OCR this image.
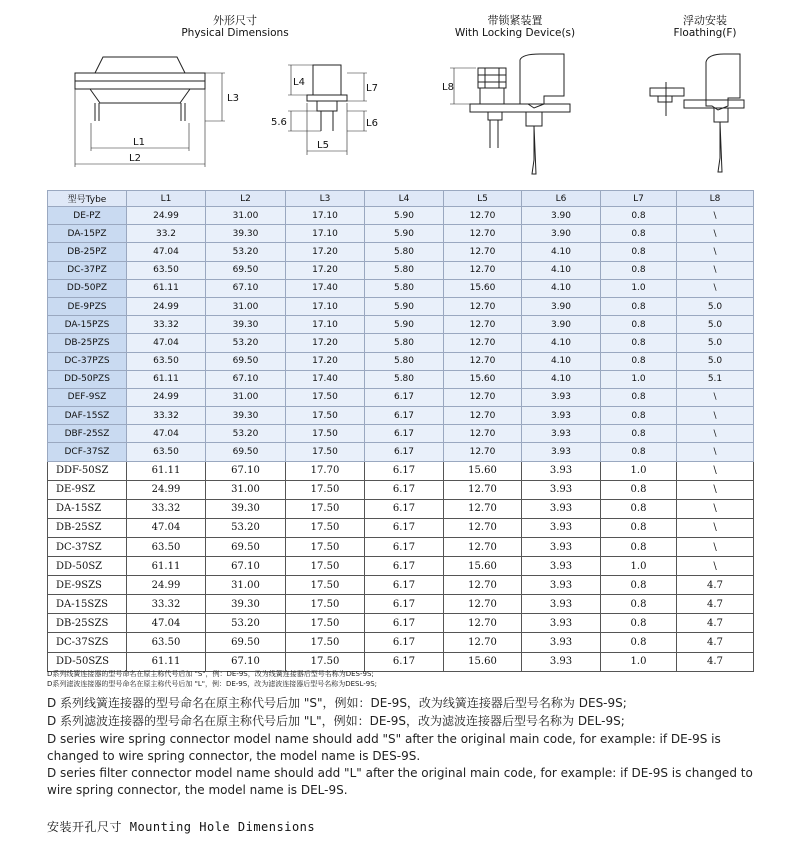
外形尺寸
Physical Dimensions
带锁紧装置
With Locking Device(s)
浮动安装
Floathing(F)
L1
L2
L3
L4
L5
L6
L7
5.6
L8
型号Tybe	L1	L2	L3	L4	L5	L6	L7	L8
DE-PZ	24.99	31.00	17.10	5.90	12.70	3.90	0.8	\
DA-15PZ	33.2	39.30	17.10	5.90	12.70	3.90	0.8	\
DB-25PZ	47.04	53.20	17.20	5.80	12.70	4.10	0.8	\
DC-37PZ	63.50	69.50	17.20	5.80	12.70	4.10	0.8	\
DD-50PZ	61.11	67.10	17.40	5.80	15.60	4.10	1.0	\
DE-9PZS	24.99	31.00	17.10	5.90	12.70	3.90	0.8	5.0
DA-15PZS	33.32	39.30	17.10	5.90	12.70	3.90	0.8	5.0
DB-25PZS	47.04	53.20	17.20	5.80	12.70	4.10	0.8	5.0
DC-37PZS	63.50	69.50	17.20	5.80	12.70	4.10	0.8	5.0
DD-50PZS	61.11	67.10	17.40	5.80	15.60	4.10	1.0	5.1
DEF-9SZ	24.99	31.00	17.50	6.17	12.70	3.93	0.8	\
DAF-15SZ	33.32	39.30	17.50	6.17	12.70	3.93	0.8	\
DBF-25SZ	47.04	53.20	17.50	6.17	12.70	3.93	0.8	\
DCF-37SZ	63.50	69.50	17.50	6.17	12.70	3.93	0.8	\
DDF-50SZ	61.11	67.10	17.70	6.17	15.60	3.93	1.0	\
DE-9SZ	24.99	31.00	17.50	6.17	12.70	3.93	0.8	\
DA-15SZ	33.32	39.30	17.50	6.17	12.70	3.93	0.8	\
DB-25SZ	47.04	53.20	17.50	6.17	12.70	3.93	0.8	\
DC-37SZ	63.50	69.50	17.50	6.17	12.70	3.93	0.8	\
DD-50SZ	61.11	67.10	17.50	6.17	15.60	3.93	1.0	\
DE-9SZS	24.99	31.00	17.50	6.17	12.70	3.93	0.8	4.7
DA-15SZS	33.32	39.30	17.50	6.17	12.70	3.93	0.8	4.7
DB-25SZS	47.04	53.20	17.50	6.17	12.70	3.93	0.8	4.7
DC-37SZS	63.50	69.50	17.50	6.17	12.70	3.93	0.8	4.7
DD-50SZS	61.11	67.10	17.50	6.17	15.60	3.93	1.0	4.7
D系列线簧连接器的型号命名在原主称代号后加 "S"，例：DE-9S，改为线簧连接器后型号名称为DES-9S;
D系列滤波连接器的型号命名在原主称代号后加 "L"，例：DE-9S，改为滤波连接器后型号名称为DESL-9S;
D 系列线簧连接器的型号命名在原主称代号后加 "S"，例如：DE-9S，改为线簧连接器后型号名称为 DES-9S;
D 系列滤波连接器的型号命名在原主称代号后加 "L"，例如：DE-9S，改为滤波连接器后型号名称为 DEL-9S;
D series wire spring connector model name should add "S" after the original main code, for example: if DE-9S is changed to wire spring connector, the model name is DES-9S.
D series filter connector model name should add "L" after the original main code, for example: if DE-9S is changed to wire spring connector, the model name is DEL-9S.
安装开孔尺寸 Mounting Hole Dimensions
